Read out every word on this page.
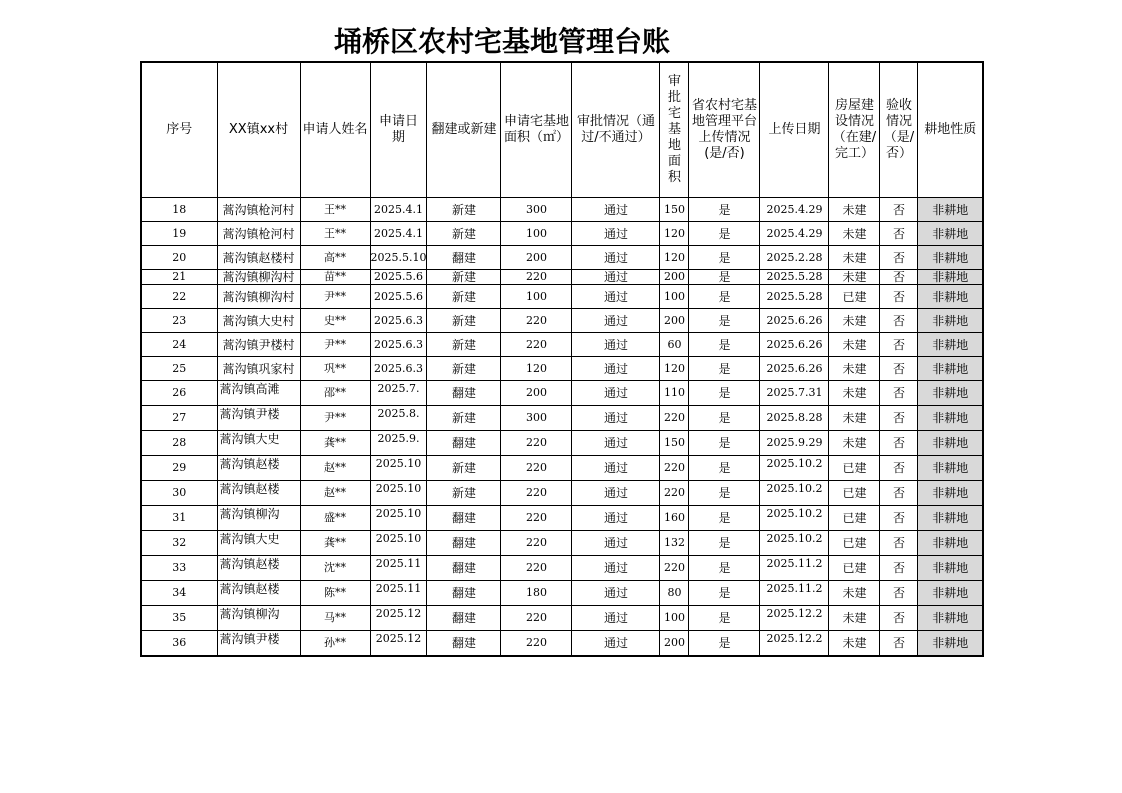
埇桥区农村宅基地管理台账
序号	XX镇xx村	申请人姓名	申请日期	翻建或新建	申请宅基地面积（㎡）	审批情况（通过/不通过）	审批宅基地面积	省农村宅基地管理平台上传情况(是/否)	上传日期	房屋建设情况（在建/完工）	验收情况（是/否）	耕地性质

18	蒿沟镇枪河村	王**	2025.4.1	新建	300	通过	150	是	2025.4.29	未建	否	非耕地
19	蒿沟镇枪河村	王**	2025.4.1	新建	100	通过	120	是	2025.4.29	未建	否	非耕地
20	蒿沟镇赵楼村	高**	2025.5.10	翻建	200	通过	120	是	2025.2.28	未建	否	非耕地
21	蒿沟镇柳沟村	苗**	2025.5.6	新建	220	通过	200	是	2025.5.28	未建	否	非耕地
22	蒿沟镇柳沟村	尹**	2025.5.6	新建	100	通过	100	是	2025.5.28	已建	否	非耕地
23	蒿沟镇大史村	史**	2025.6.3	新建	220	通过	200	是	2025.6.26	未建	否	非耕地
24	蒿沟镇尹楼村	尹**	2025.6.3	新建	220	通过	60	是	2025.6.26	未建	否	非耕地
25	蒿沟镇巩家村	巩**	2025.6.3	新建	120	通过	120	是	2025.6.26	未建	否	非耕地
26	蒿沟镇高滩	邵**	2025.7.	翻建	200	通过	110	是	2025.7.31	未建	否	非耕地
27	蒿沟镇尹楼	尹**	2025.8.	新建	300	通过	220	是	2025.8.28	未建	否	非耕地
28	蒿沟镇大史	龚**	2025.9.	翻建	220	通过	150	是	2025.9.29	未建	否	非耕地
29	蒿沟镇赵楼	赵**	2025.10	新建	220	通过	220	是	2025.10.2	已建	否	非耕地
30	蒿沟镇赵楼	赵**	2025.10	新建	220	通过	220	是	2025.10.2	已建	否	非耕地
31	蒿沟镇柳沟	盛**	2025.10	翻建	220	通过	160	是	2025.10.2	已建	否	非耕地
32	蒿沟镇大史	龚**	2025.10	翻建	220	通过	132	是	2025.10.2	已建	否	非耕地
33	蒿沟镇赵楼	沈**	2025.11	翻建	220	通过	220	是	2025.11.2	已建	否	非耕地
34	蒿沟镇赵楼	陈**	2025.11	翻建	180	通过	80	是	2025.11.2	未建	否	非耕地
35	蒿沟镇柳沟	马**	2025.12	翻建	220	通过	100	是	2025.12.2	未建	否	非耕地
36	蒿沟镇尹楼	孙**	2025.12	翻建	220	通过	200	是	2025.12.2	未建	否	非耕地
